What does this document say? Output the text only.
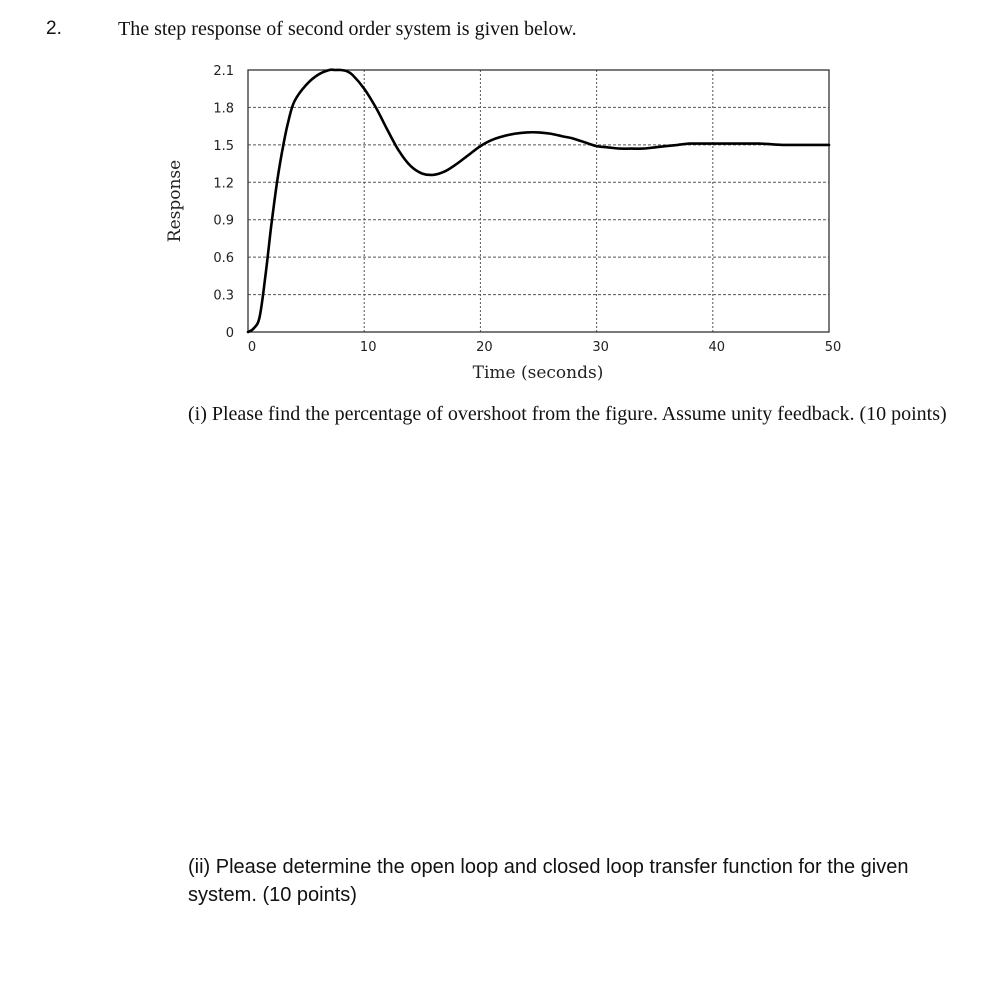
2.	The step response of second order system is given below.
0
0.3
0.6
0.9
1.2
1.5
1.8
2.1
0	10	20	30	40	50
Response
Time (seconds)
(i) Please find the percentage of overshoot from the figure. Assume unity feedback. (10 points)
(ii) Please determine the open loop and closed loop transfer function for the given system. (10 points)
